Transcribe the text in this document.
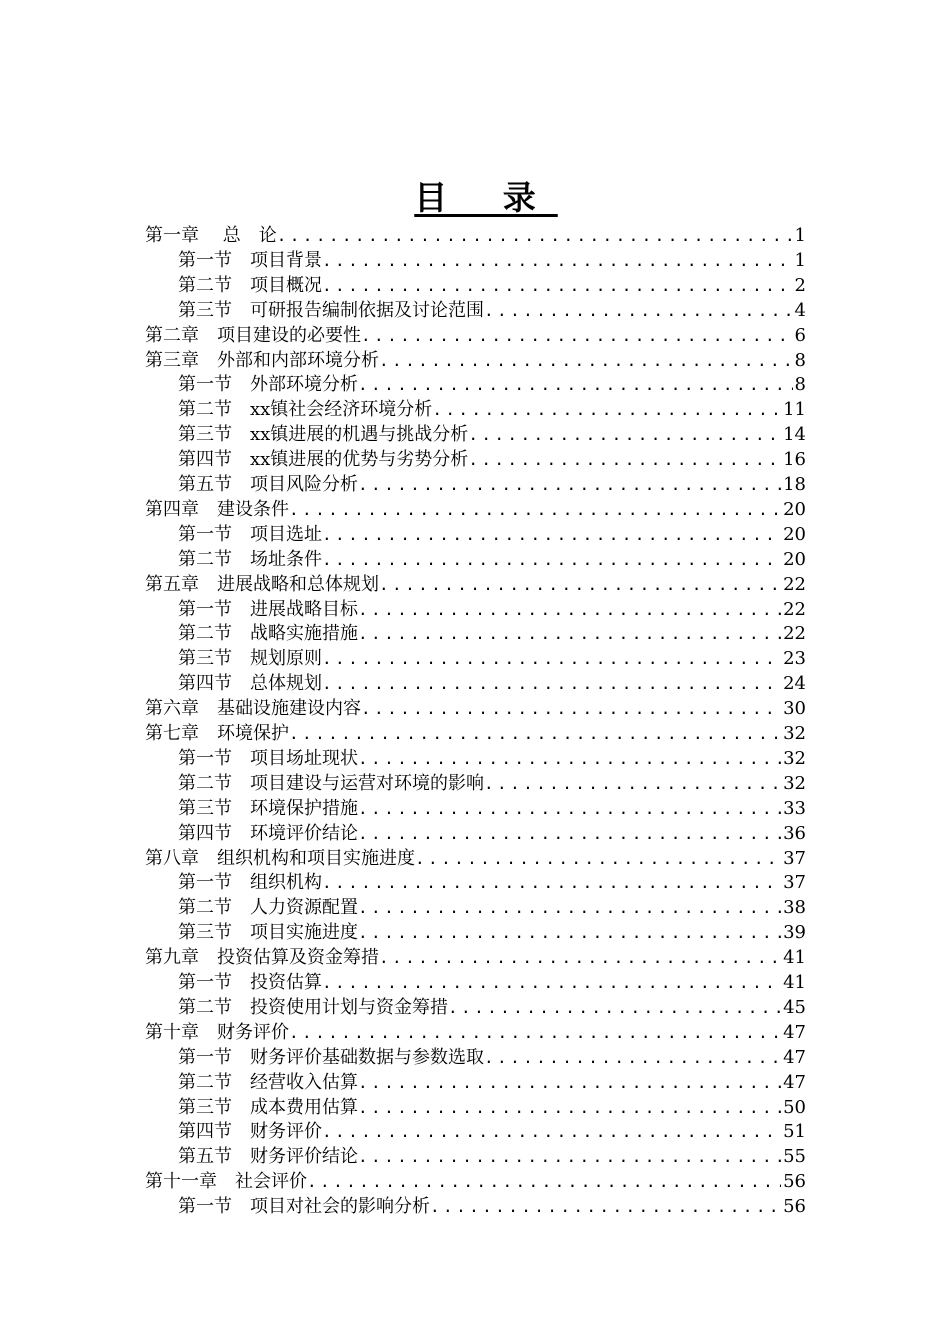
目 录
第一章　 总　论 .....	1
第一节　项目背景 .....	1
第二节　项目概况 .....	2
第三节　可研报告编制依据及讨论范围 .....	4
第二章　项目建设的必要性 .....	6
第三章　外部和内部环境分析 .....	8
第一节　外部环境分析 .....	8
第二节　xx镇社会经济环境分析 .....	11
第三节　xx镇进展的机遇与挑战分析 .....	14
第四节　xx镇进展的优势与劣势分析 .....	16
第五节　项目风险分析 .....	18
第四章　建设条件 .....	20
第一节　项目选址 .....	20
第二节　场址条件 .....	20
第五章　进展战略和总体规划 .....	22
第一节　进展战略目标 .....	22
第二节　战略实施措施 .....	22
第三节　规划原则 .....	23
第四节　总体规划 .....	24
第六章　基础设施建设内容 .....	30
第七章　环境保护 .....	32
第一节　项目场址现状 .....	32
第二节　项目建设与运营对环境的影响 .....	32
第三节　环境保护措施 .....	33
第四节　环境评价结论 .....	36
第八章　组织机构和项目实施进度 .....	37
第一节　组织机构 .....	37
第二节　人力资源配置 .....	38
第三节　项目实施进度 .....	39
第九章　投资估算及资金筹措 .....	41
第一节　投资估算 .....	41
第二节　投资使用计划与资金筹措 .....	45
第十章　财务评价 .....	47
第一节　财务评价基础数据与参数选取 .....	47
第二节　经营收入估算 .....	47
第三节　成本费用估算 .....	50
第四节　财务评价 .....	51
第五节　财务评价结论 .....	55
第十一章　社会评价 .....	56
第一节　项目对社会的影响分析 .....	56
